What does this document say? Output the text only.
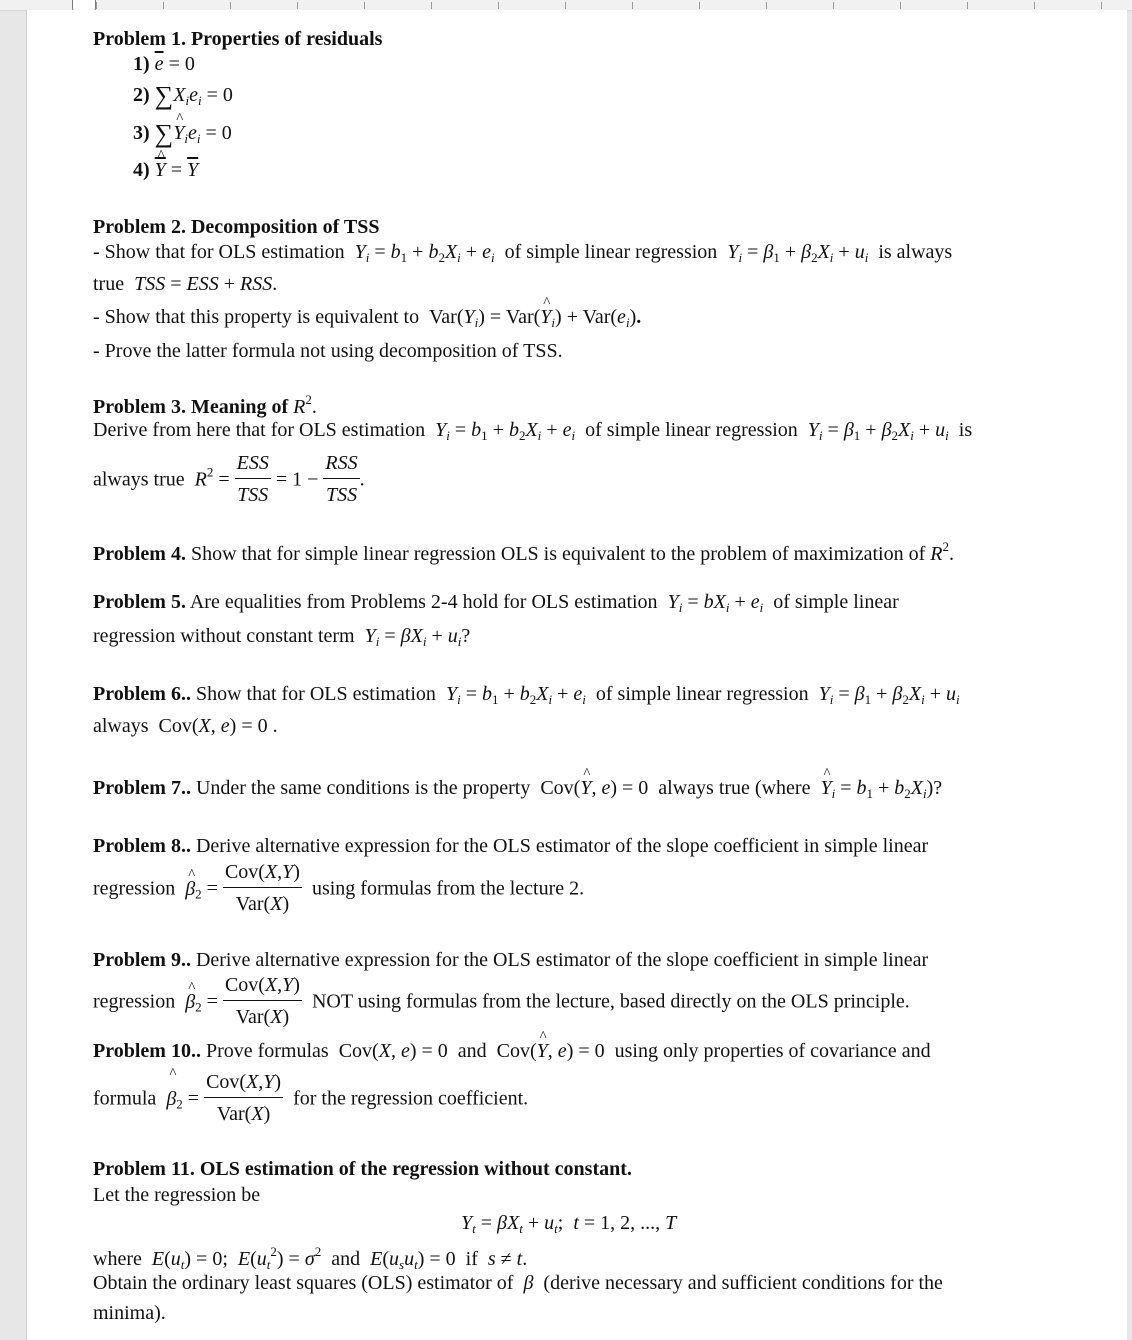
Problem 1. Properties of residuals
1) $\overline{e} = 0$
2) $\sum X_ie_i = 0$
3) ∑Y $\^{}_ie_i = 0$
4) $\overline{Y}$ ^ = $\overline{Y}$
Problem 2. Decomposition of TSS
- Show that for OLS estimation $Y_i = b_1 + b_2X_i + e_i$ of simple linear regression $Y_i = \beta_1 + \beta_2X_i + u_i$ is always
true TSS = ESS + RSS.
- Show that this property is equivalent to  $Var(Y_i) = Var(Y$ $\^{}_i) + Var(e_i)$.
- Prove the latter formula not using decomposition of TSS.
Problem 3. Meaning of $R^2$.
Derive from here that for OLS estimation $Y_i = b_1 + b_2X_i + e_i$ of simple linear regression $Y_i = \beta_1 + \beta_2X_i + u_i$ is
always true $R^2 = \frac{\text{ESS}}{\text{TSS}} = 1 - \frac{\text{RSS}}{\text{TSS}}$ .
Problem 4. Show that for simple linear regression OLS is equivalent to the problem of maximization of $R^2$.
Problem 5. Are equalities from Problems 2-4 hold for OLS estimation $Y_i = bX_i + e_i$ of simple linear
regression without constant term $Y_i = \beta X_i + u_i$?
Problem 6.. Show that for OLS estimation $Y_i = b_1 + b_2X_i + e_i$ of simple linear regression $Y_i = \beta_1 + \beta_2X_i + u_i$
always  Cov(X, e) = 0 .
Problem 7.. Under the same conditions is the property  Cov(Y ^, e) = 0  always true (where Y $\^{}_i = b_1 + b_2X_i$)?
Problem 8.. Derive alternative expression for the OLS estimator of the slope coefficient in simple linear
regression β $\^{}_2 = \frac{\text{Cov(X,Y)}}{\text{Var(X)}}$ using formulas from the lecture 2.
Problem 9.. Derive alternative expression for the OLS estimator of the slope coefficient in simple linear
regression β $\^{}_2 = \frac{\text{Cov(X,Y)}}{\text{Var(X)}}$ NOT using formulas from the lecture, based directly on the OLS principle.
Problem 10.. Prove formulas  Cov(X, e) = 0  and  Cov(Y ^, e) = 0  using only properties of covariance and
formula β $\^{}_2 = \frac{\text{Cov(X,Y)}}{\text{Var(X)}}$ for the regression coefficient.
Problem 11. OLS estimation of the regression without constant.
Let the regression be
$Y_t = \beta X_t + u_t$;  t = 1, 2, ..., T
where $E(u_t) = 0$;  $E(u_t^2) = \sigma^2$ and $E(u_su_t) = 0$  if s ≠ t.
Obtain the ordinary least squares (OLS) estimator of β (derive necessary and sufficient conditions for the
minima).
